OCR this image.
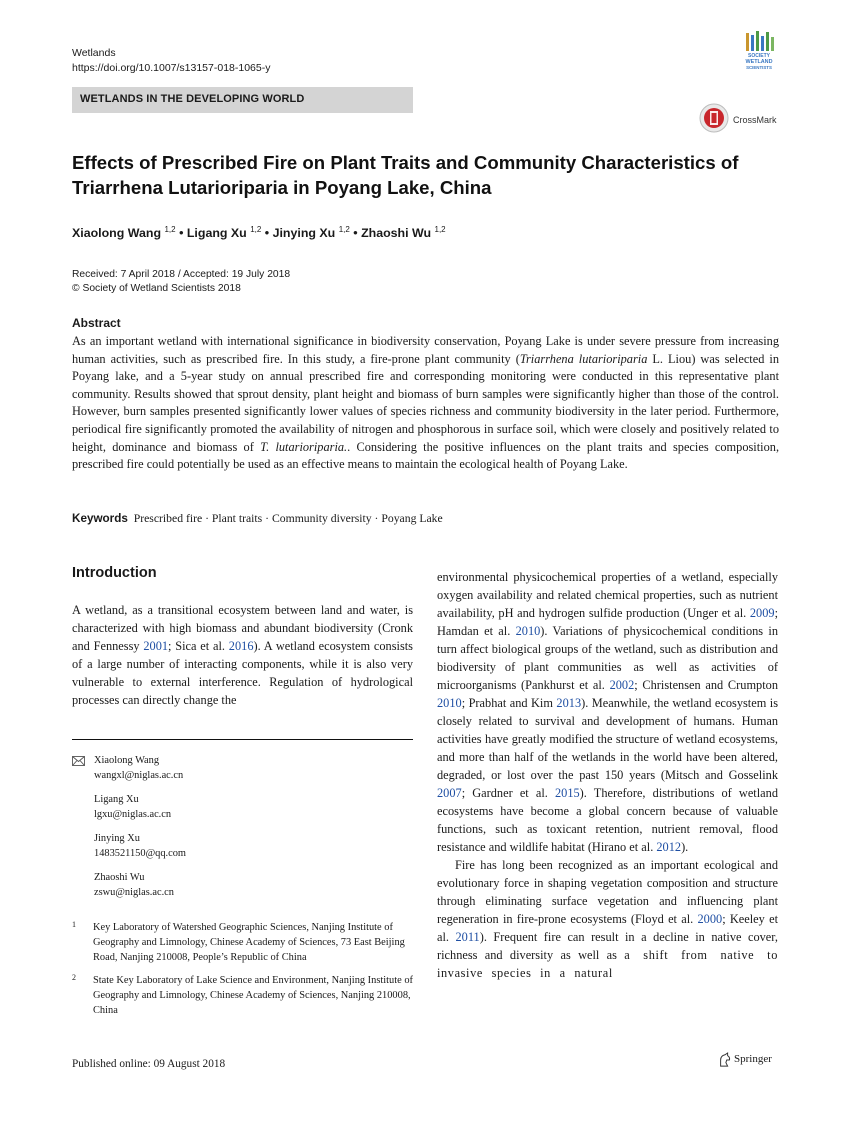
Wetlands
https://doi.org/10.1007/s13157-018-1065-y
WETLANDS IN THE DEVELOPING WORLD
SOCIETY
WETLAND
SCIENTISTS
CrossMark
Effects of Prescribed Fire on Plant Traits and Community Characteristics of Triarrhena Lutarioriparia in Poyang Lake, China
Xiaolong Wang $^{1,2}$ • Ligang Xu $^{1,2}$ • Jinying Xu $^{1,2}$ • Zhaoshi Wu $^{1,2}$
Received: 7 April 2018 / Accepted: 19 July 2018
© Society of Wetland Scientists 2018
Abstract

As an important wetland with international significance in biodiversity conservation, Poyang Lake is under severe pressure from increasing human activities, such as prescribed fire. In this study, a fire-prone plant community (Triarrhena lutarioriparia L. Liou) was selected in Poyang lake, and a 5-year study on annual prescribed fire and corresponding monitoring were conducted in this representative plant community. Results showed that sprout density, plant height and biomass of burn samples were significantly higher than those of the control. However, burn samples presented significantly lower values of species richness and community biodiversity in the later period. Furthermore, periodical fire significantly promoted the availability of nitrogen and phosphorous in surface soil, which were closely and positively related to height, dominance and biomass of T. lutarioriparia.. Considering the positive influences on the plant traits and species composition, prescribed fire could potentially be used as an effective means to maintain the ecological health of Poyang Lake.

Keywords Prescribed fire · Plant traits · Community diversity · Poyang Lake
Introduction

A wetland, as a transitional ecosystem between land and water, is characterized with high biomass and abundant biodiversity (Cronk and Fennessy 2001; Sica et al. 2016). A wetland ecosystem consists of a large number of interacting components, while it is also very vulnerable to external interference. Regulation of hydrological processes can directly change the

Xiaolong Wang
wangxl@niglas.ac.cn
Ligang Xu
lgxu@niglas.ac.cn
Jinying Xu
1483521150@qq.com
Zhaoshi Wu
zswu@niglas.ac.cn
1 Key Laboratory of Watershed Geographic Sciences, Nanjing Institute of Geography and Limnology, Chinese Academy of Sciences, 73 East Beijing Road, Nanjing 210008, People’s Republic of China
2 State Key Laboratory of Lake Science and Environment, Nanjing Institute of Geography and Limnology, Chinese Academy of Sciences, Nanjing 210008, China

environmental physicochemical properties of a wetland, especially oxygen availability and related chemical properties, such as nutrient availability, pH and hydrogen sulfide production (Unger et al. 2009; Hamdan et al. 2010). Variations of physicochemical conditions in turn affect biological groups of the wetland, such as distribution and biodiversity of plant communities as well as activities of microorganisms (Pankhurst et al. 2002; Christensen and Crumpton 2010; Prabhat and Kim 2013). Meanwhile, the wetland ecosystem is closely related to survival and development of humans. Human activities have greatly modified the structure of wetland ecosystems, and more than half of the wetlands in the world have been altered, degraded, or lost over the past 150 years (Mitsch and Gosselink 2007; Gardner et al. 2015). Therefore, distributions of wetland ecosystems have become a global concern because of valuable functions, such as toxicant retention, nutrient removal, flood resistance and wildlife habitat (Hirano et al. 2012).

Fire has long been recognized as an important ecological and evolutionary force in shaping vegetation composition and structure through eliminating surface vegetation and influencing plant regeneration in fire-prone ecosystems (Floyd et al. 2000; Keeley et al. 2011). Frequent fire can result in a decline in native cover, richness and diversity as well as a shift from native to invasive species in a natural

Published online: 09 August 2018	Springer
